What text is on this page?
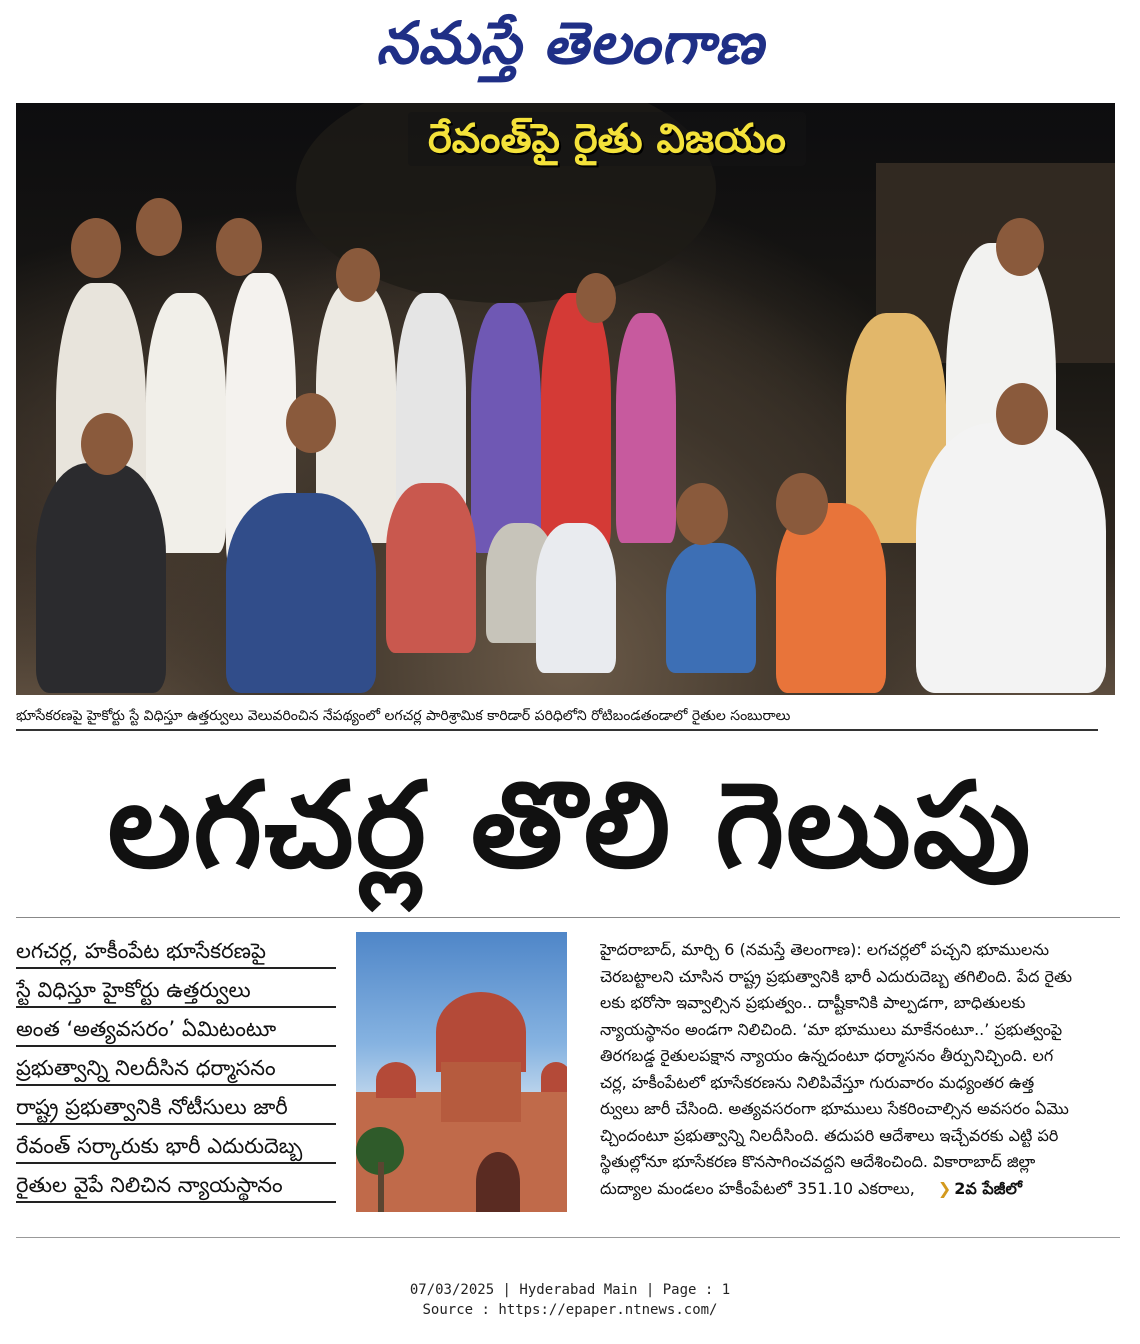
నమస్తే తెలంగాణ
రేవంత్‌పై రైతు విజయం
భూసేకరణపై హైకోర్టు స్టే విధిస్తూ ఉత్తర్వులు వెలువరించిన నేపథ్యంలో లగచర్ల పారిశ్రామిక కారిడార్‌ పరిధిలోని రోటిబండతండాలో రైతుల సంబురాలు
లగచర్ల తొలి గెలుపు
లగచర్ల, హకీంపేట భూసేకరణపై
స్టే విధిస్తూ హైకోర్టు ఉత్తర్వులు
అంత ‘అత్యవసరం’ ఏమిటంటూ
ప్రభుత్వాన్ని నిలదీసిన ధర్మాసనం
రాష్ట్ర ప్రభుత్వానికి నోటీసులు జారీ
రేవంత్‌ సర్కారుకు భారీ ఎదురుదెబ్బ
రైతుల వైపే నిలిచిన న్యాయస్థానం
హైదరాబాద్‌, మార్చి 6 (నమస్తే తెలంగాణ): లగచర్లలో పచ్చని భూములను
చెరబట్టాలని చూసిన రాష్ట్ర ప్రభుత్వానికి భారీ ఎదురుదెబ్బ తగిలింది. పేద రైతు
లకు భరోసా ఇవ్వాల్సిన ప్రభుత్వం.. దాష్టీకానికి పాల్పడగా, బాధితులకు
న్యాయస్థానం అండగా నిలిచింది. ‘మా భూములు మాకేనంటూ..’ ప్రభుత్వంపై
తిరగబడ్డ రైతులపక్షాన న్యాయం ఉన్నదంటూ ధర్మాసనం తీర్పునిచ్చింది. లగ
చర్ల, హకీంపేటలో భూసేకరణను నిలిపివేస్తూ గురువారం మధ్యంతర ఉత్త
ర్వులు జారీ చేసింది. అత్యవసరంగా భూములు సేకరించాల్సిన అవసరం ఏమొ
చ్చిందంటూ ప్రభుత్వాన్ని నిలదీసింది. తదుపరి ఆదేశాలు ఇచ్చేవరకు ఎట్టి పరి
స్థితుల్లోనూ భూసేకరణ కొనసాగించవద్దని ఆదేశించింది. వికారాబాద్‌ జిల్లా
దుద్యాల మండలం హకీంపేటలో 351.10 ఎకరాలు, ❯ 2వ పేజీలో
07/03/2025 | Hyderabad Main | Page : 1
Source : https://epaper.ntnews.com/
